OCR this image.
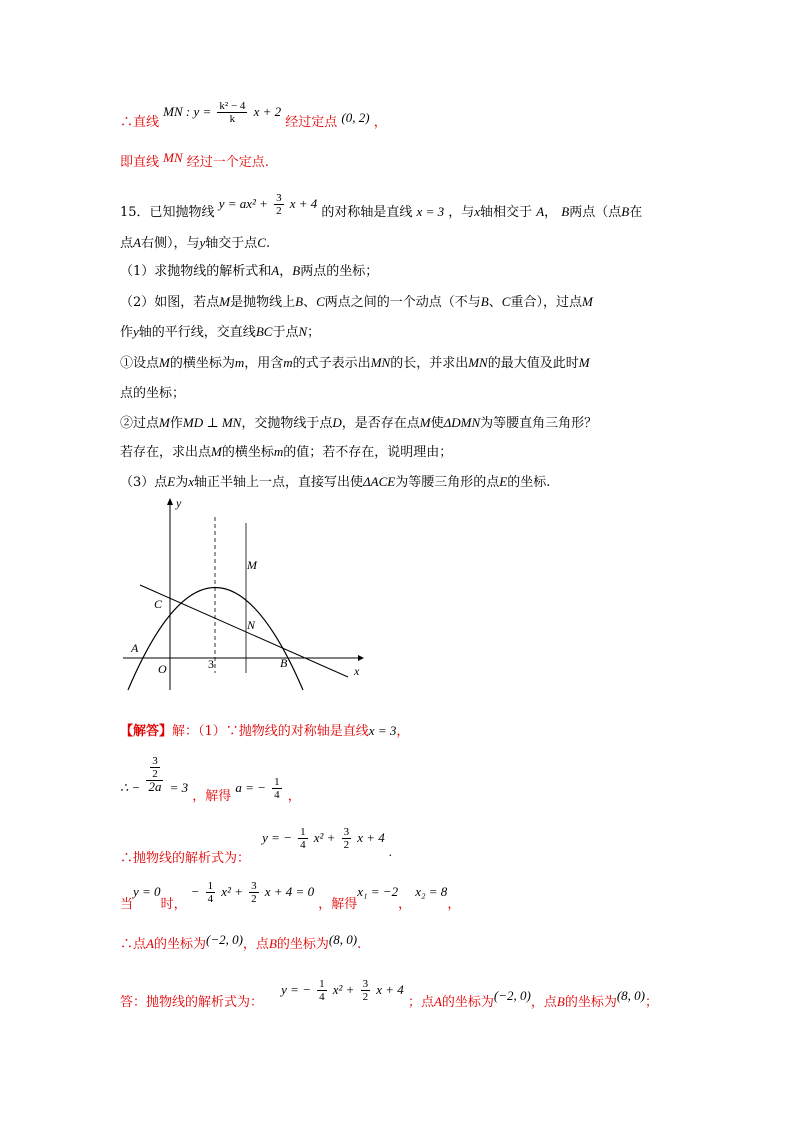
∴直线 MN : $y = \frac{\text{k² − 4}}{k}$ x + 2 经过定点 (0, 2) ，
即直线 MN 经过一个定点.
15．已知抛物线 $y = ax^2 + \frac{3}{2}$ x + 4 的对称轴是直线 x = 3 ，与x轴相交于 A， B两点（点B在
点A右侧），与y轴交于点C.
（1）求抛物线的解析式和A，B两点的坐标；
（2）如图，若点M是抛物线上B、C两点之间的一个动点（不与B、C重合），过点M
作y轴的平行线，交直线BC于点N；
①设点M的横坐标为m，用含m的式子表示出MN的长，并求出MN的最大值及此时M
点的坐标；
②过点M作MD ⊥ MN，交抛物线于点D，是否存在点M使ΔDMN为等腰直角三角形？
若存在，求出点M的横坐标m的值；若不存在，说明理由；
（3）点E为x轴正半轴上一点，直接写出使ΔACE为等腰三角形的点E的坐标.
y
x
O
A
B
C
M
N
3
【解答】解：（1）∵抛物线的对称轴是直线x = 3，
∴ − $\frac{\frac{3}{2}}{2a} = 3$ ，解得 a = − $\frac{1}{4}$ ，
∴抛物线的解析式为： y = − $\frac{1}{4} x^2 + \frac{3}{2}$ x + 4 .
当y = 0时， − $\frac{1}{4} x^2 + \frac{3}{2}$ x + 4 = 0 ，解得x₁ = −2， x₂ = 8，
∴点A的坐标为(−2, 0)，点B的坐标为(8, 0).
答：抛物线的解析式为： y = − $\frac{1}{4} x^2 + \frac{3}{2}$ x + 4 ；点A的坐标为(−2, 0)，点B的坐标为(8, 0)；
